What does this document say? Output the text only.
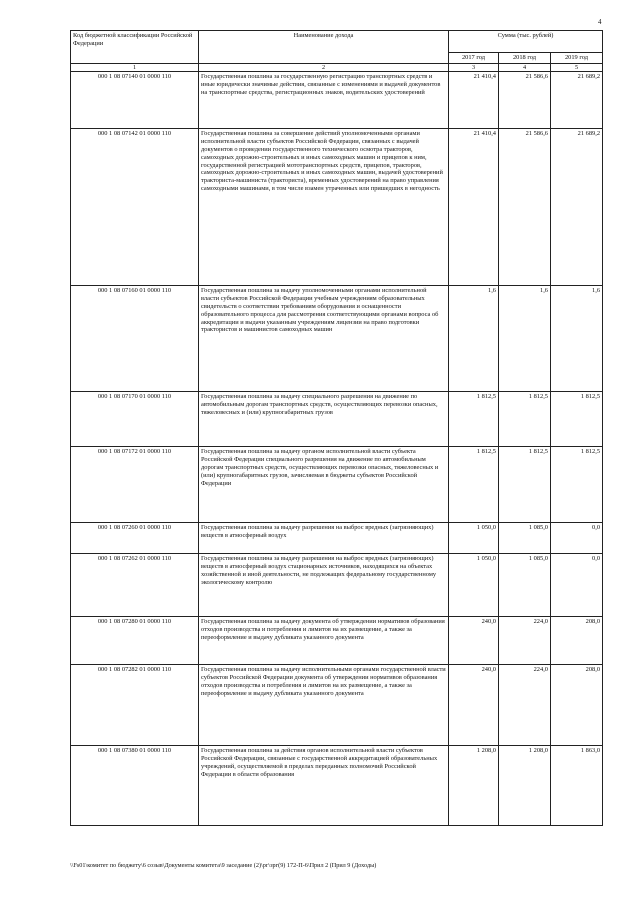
4
Код бюджетной классификации Российской Федерации	Наименование дохода	Сумма (тыс. рублей)		
		2017 год	2018 год	2019 год
1	2	3	4	5
000 1 08 07140 01 0000 110	Государственная пошлина за государственную регистрацию транспортных средств и иные юридически значимые действия, связанные с изменениями и выдачей документов на транспортные средства, регистрационных знаков, водительских удостоверений	21 410,4	21 586,6	21 689,2
000 1 08 07142 01 0000 110	Государственная пошлина за совершение действий уполномоченными органами исполнительной власти субъектов Российской Федерации, связанных с выдачей документов о проведении государственного технического осмотра тракторов, самоходных дорожно-строительных и иных самоходных машин и прицепов к ним, государственной регистрацией мототранспортных средств, прицепов, тракторов, самоходных дорожно-строительных и иных самоходных машин, выдачей удостоверений тракториста-машиниста (тракториста), временных удостоверений на право управления самоходными машинами, в том числе взамен утраченных или пришедших в негодность	21 410,4	21 586,6	21 689,2
000 1 08 07160 01 0000 110	Государственная пошлина за выдачу уполномоченными органами исполнительной власти субъектов Российской Федерации учебным учреждениям образовательных свидетельств о соответствии требованиям оборудования и оснащенности образовательного процесса для рассмотрения соответствующими органами вопроса об аккредитации и выдачи указанным учреждениям лицензии на право подготовки трактористов и машинистов самоходных машин	1,6	1,6	1,6
000 1 08 07170 01 0000 110	Государственная пошлина за выдачу специального разрешения на движение по автомобильным дорогам транспортных средств, осуществляющих перевозки опасных, тяжеловесных и (или) крупногабаритных грузов	1 812,5	1 812,5	1 812,5
000 1 08 07172 01 0000 110	Государственная пошлина за выдачу органом исполнительной власти субъекта Российской Федерации специального разрешения на движение по автомобильным дорогам транспортных средств, осуществляющих перевозки опасных, тяжеловесных и (или) крупногабаритных грузов, зачисляемая в бюджеты субъектов Российской Федерации	1 812,5	1 812,5	1 812,5
000 1 08 07260 01 0000 110	Государственная пошлина за выдачу разрешения на выброс вредных (загрязняющих) веществ в атмосферный воздух	1 050,0	1 085,0	0,0
000 1 08 07262 01 0000 110	Государственная пошлина за выдачу разрешения на выброс вредных (загрязняющих) веществ в атмосферный воздух стационарных источников, находящихся на объектах хозяйственной и иной деятельности, не подлежащих федеральному государственному экологическому контролю	1 050,0	1 085,0	0,0
000 1 08 07280 01 0000 110	Государственная пошлина за выдачу документа об утверждении нормативов образования отходов производства и потребления и лимитов на их размещение, а также за переоформление и выдачу дубликата указанного документа	240,0	224,0	208,0
000 1 08 07282 01 0000 110	Государственная пошлина за выдачу исполнительными органами государственной власти субъектов Российской Федерации документа об утверждении нормативов образования отходов производства и потребления и лимитов на их размещение, а также за переоформление и выдачу дубликата указанного документа	240,0	224,0	208,0
000 1 08 07380 01 0000 110	Государственная пошлина за действия органов исполнительной власти субъектов Российской Федерации, связанные с государственной аккредитацией образовательных учреждений, осуществляемой в пределах переданных полномочий Российской Федерации в области образования	1 208,0	1 208,0	1 863,0
\\Fs01\комитет по бюджету\6 созыв\Документы комитета\9 заседание (2)\рг\зрг(9) 172-П-6\Прил 2 (Прил 9 (Доходы)
